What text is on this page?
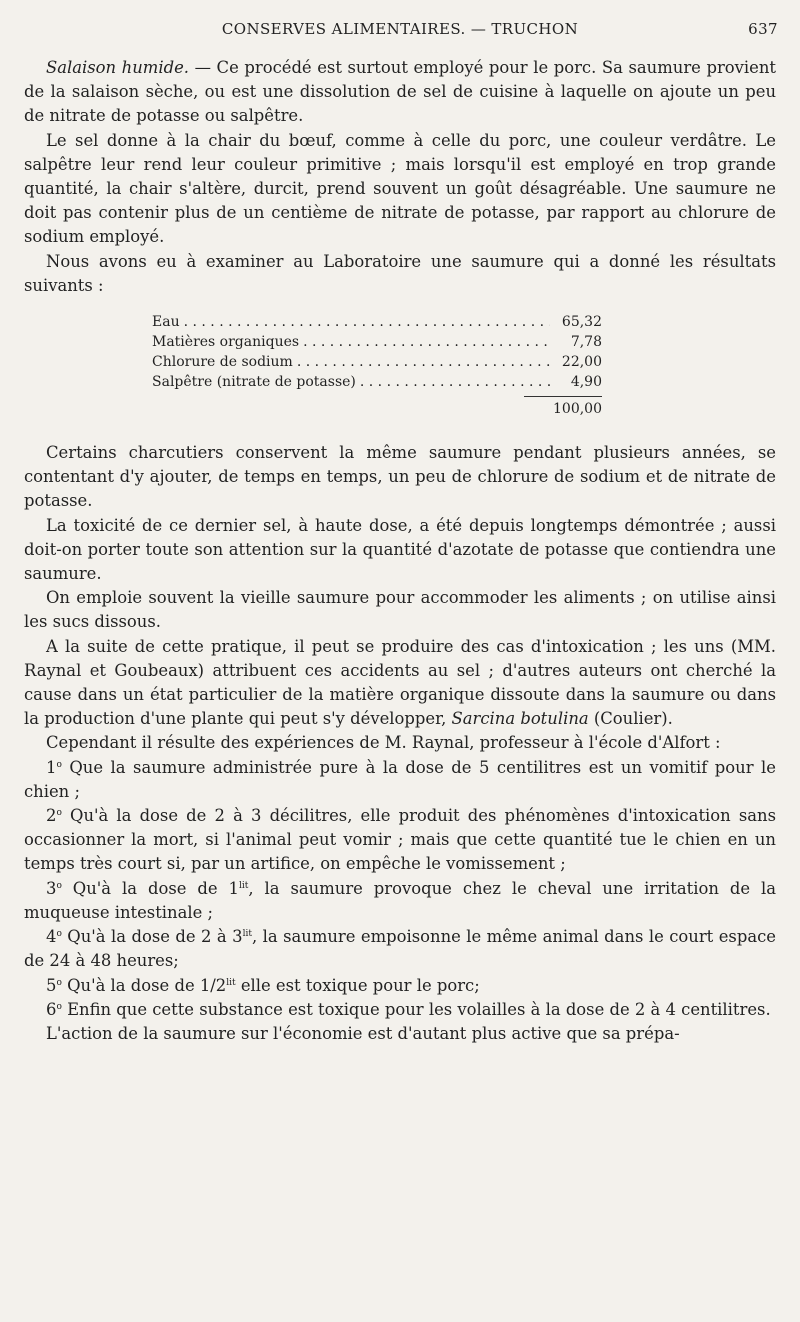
CONSERVES ALIMENTAIRES. — TRUCHON	637

Salaison humide. — Ce procédé est surtout employé pour le porc. Sa saumure provient de la salaison sèche, ou est une dissolution de sel de cuisine à laquelle on ajoute un peu de nitrate de potasse ou salpêtre.

Le sel donne à la chair du bœuf, comme à celle du porc, une couleur verdâtre. Le salpêtre leur rend leur couleur primitive ; mais lorsqu'il est employé en trop grande quantité, la chair s'altère, durcit, prend souvent un goût désagréable. Une saumure ne doit pas contenir plus de un centième de nitrate de potasse, par rapport au chlorure de sodium employé.

Nous avons eu à examiner au Laboratoire une saumure qui a donné les résultats suivants :

Eau . . .	65,32
Matières organiques . . .	7,78
Chlorure de sodium . . .	22,00
Salpêtre (nitrate de potasse) . . .	4,90
100,00

Certains charcutiers conservent la même saumure pendant plusieurs années, se contentant d'y ajouter, de temps en temps, un peu de chlorure de sodium et de nitrate de potasse.

La toxicité de ce dernier sel, à haute dose, a été depuis longtemps démontrée ; aussi doit-on porter toute son attention sur la quantité d'azotate de potasse que contiendra une saumure.

On emploie souvent la vieille saumure pour accommoder les aliments ; on utilise ainsi les sucs dissous.

A la suite de cette pratique, il peut se produire des cas d'intoxication ; les uns (MM. Raynal et Goubeaux) attribuent ces accidents au sel ; d'autres auteurs ont cherché la cause dans un état particulier de la matière organique dissoute dans la saumure ou dans la production d'une plante qui peut s'y développer, Sarcina botulina (Coulier).

Cependant il résulte des expériences de M. Raynal, professeur à l'école d'Alfort :

1$^o$ Que la saumure administrée pure à la dose de 5 centilitres est un vomitif pour le chien ;

2$^o$ Qu'à la dose de 2 à 3 décilitres, elle produit des phénomènes d'intoxication sans occasionner la mort, si l'animal peut vomir ; mais que cette quantité tue le chien en un temps très court si, par un artifice, on empêche le vomissement ;

3$^o$ Qu'à la dose de $1^{lit}$, la saumure provoque chez le cheval une irritation de la muqueuse intestinale ;

4$^o$ Qu'à la dose de 2 à $3^{lit}$, la saumure empoisonne le même animal dans le court espace de 24 à 48 heures;

5$^o$ Qu'à la dose de $1/2^{lit}$ elle est toxique pour le porc;

6$^o$ Enfin que cette substance est toxique pour les volailles à la dose de 2 à 4 centilitres.

L'action de la saumure sur l'économie est d'autant plus active que sa prépa-
